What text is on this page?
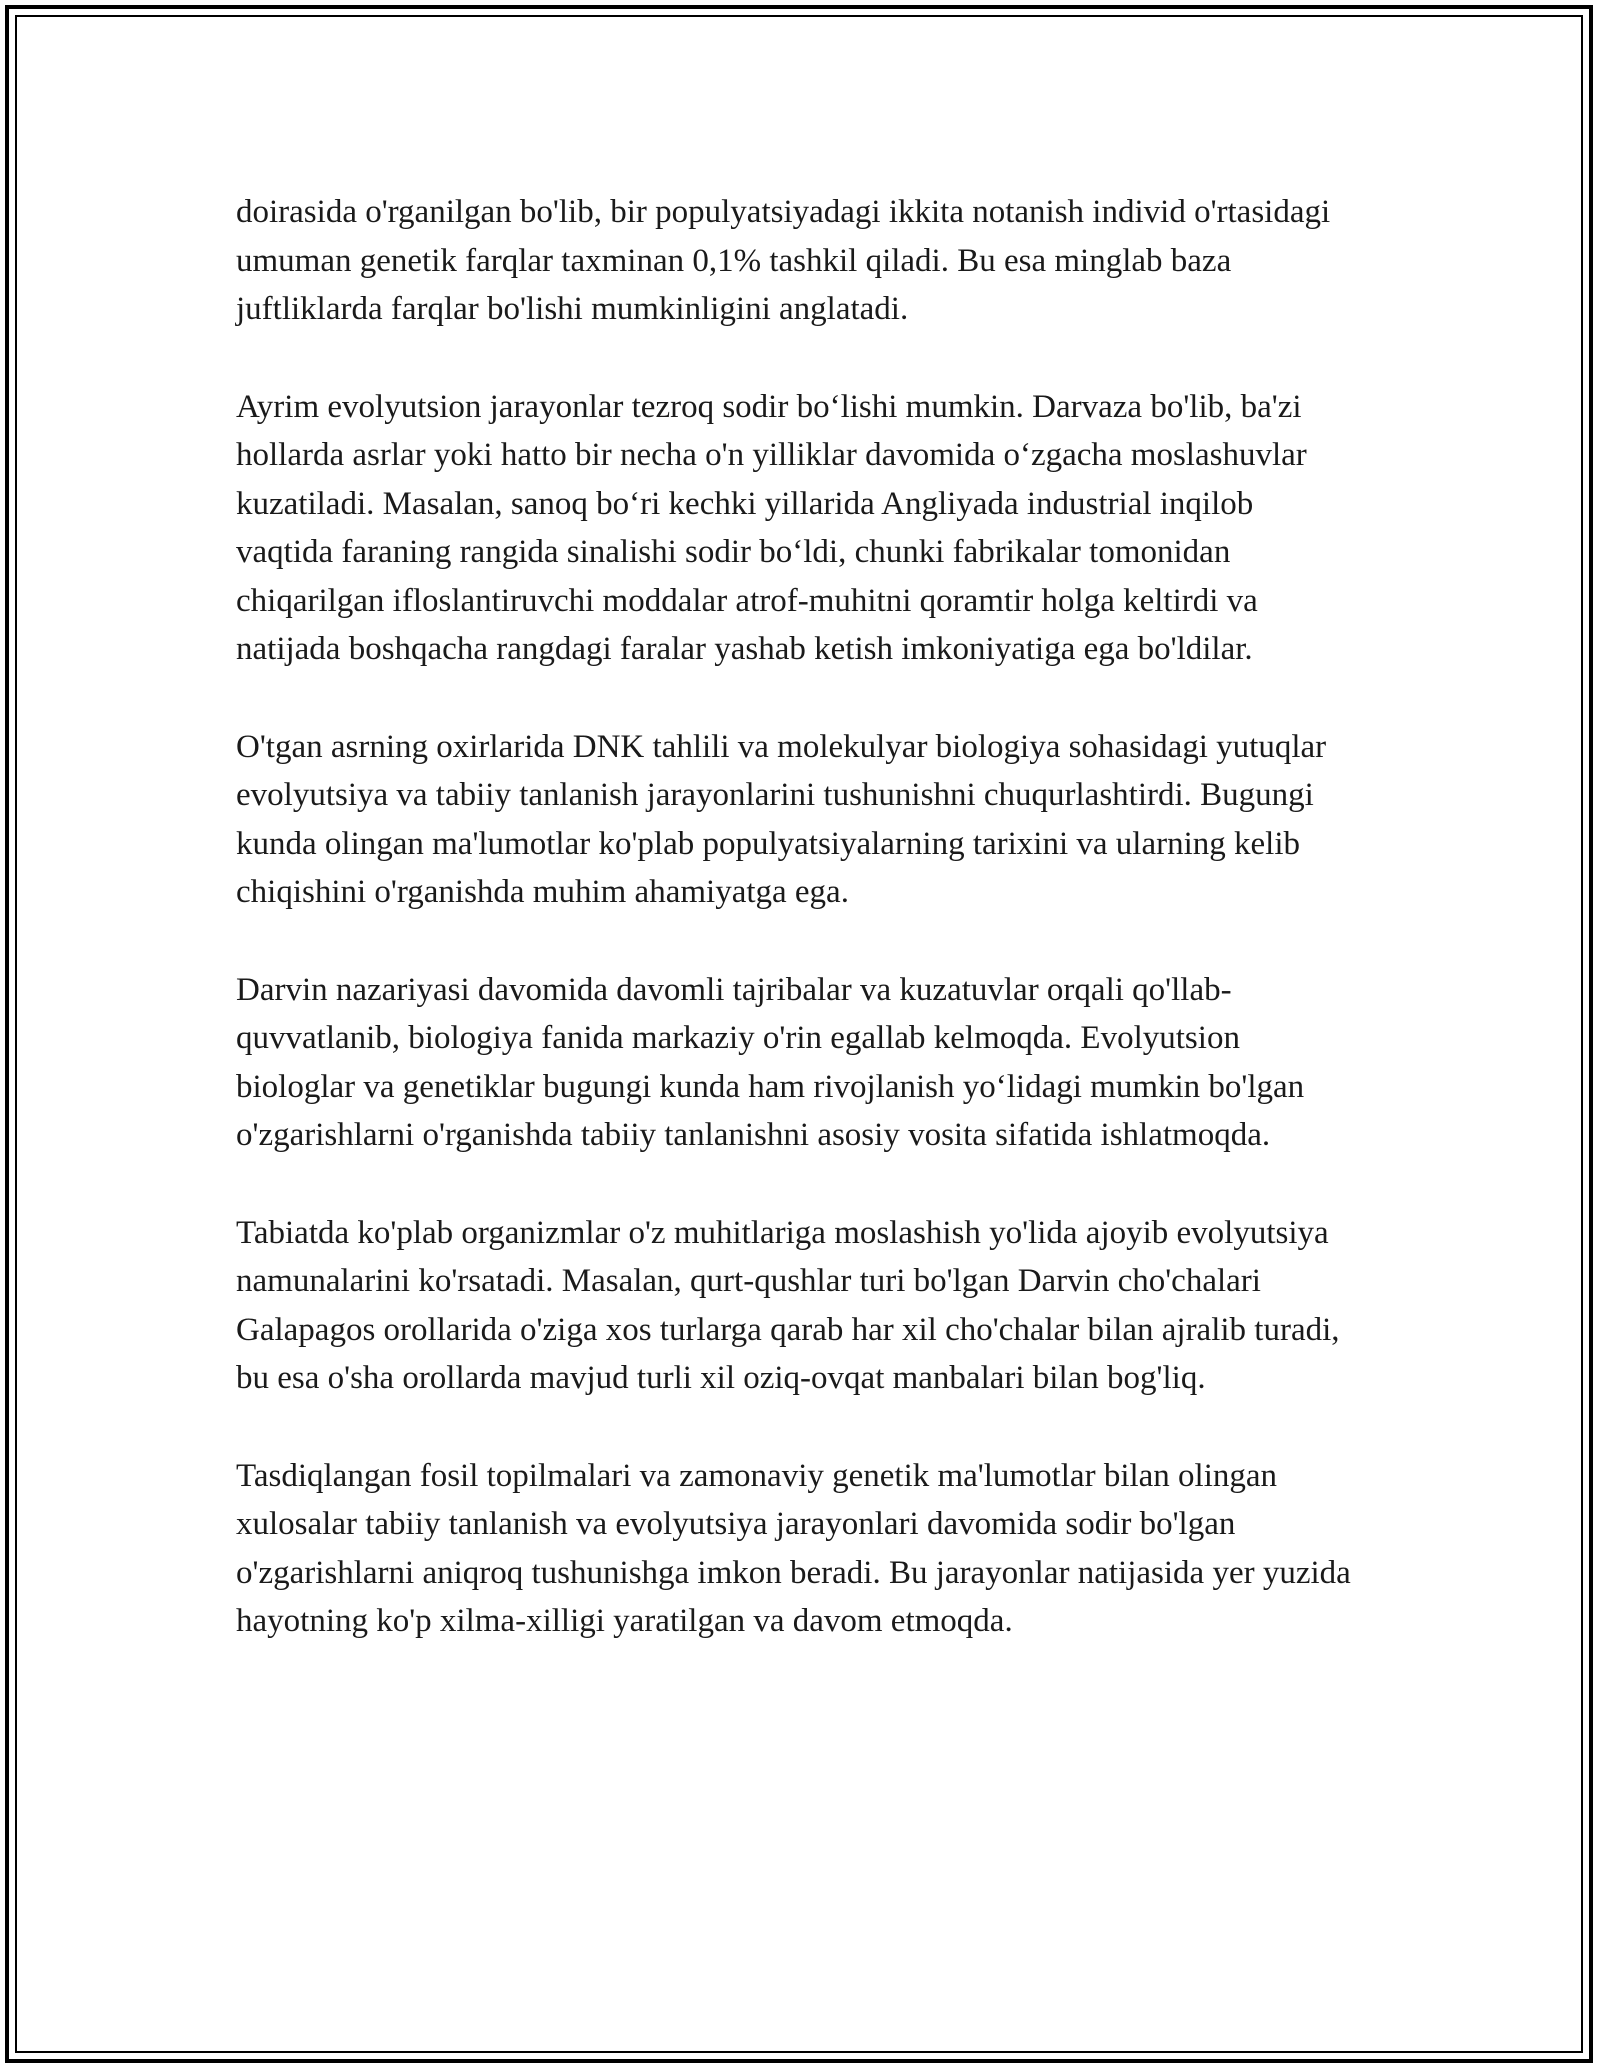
doirasida o'rganilgan bo'lib, bir populyatsiyadagi ikkita notanish individ o'rtasidagi umuman genetik farqlar taxminan 0,1% tashkil qiladi. Bu esa minglab baza juftliklarda farqlar bo'lishi mumkinligini anglatadi.

Ayrim evolyutsion jarayonlar tezroq sodir bo‘lishi mumkin. Darvaza bo'lib, ba'zi hollarda asrlar yoki hatto bir necha o'n yilliklar davomida o‘zgacha moslashuvlar kuzatiladi. Masalan, sanoq bo‘ri kechki yillarida Angliyada industrial inqilob vaqtida faraning rangida sinalishi sodir bo‘ldi, chunki fabrikalar tomonidan chiqarilgan ifloslantiruvchi moddalar atrof-muhitni qoramtir holga keltirdi va natijada boshqacha rangdagi faralar yashab ketish imkoniyatiga ega bo'ldilar.

O'tgan asrning oxirlarida DNK tahlili va molekulyar biologiya sohasidagi yutuqlar evolyutsiya va tabiiy tanlanish jarayonlarini tushunishni chuqurlashtirdi. Bugungi kunda olingan ma'lumotlar ko'plab populyatsiyalarning tarixini va ularning kelib chiqishini o'rganishda muhim ahamiyatga ega.

Darvin nazariyasi davomida davomli tajribalar va kuzatuvlar orqali qo'llab-quvvatlanib, biologiya fanida markaziy o'rin egallab kelmoqda. Evolyutsion biologlar va genetiklar bugungi kunda ham rivojlanish yo‘lidagi mumkin bo'lgan o'zgarishlarni o'rganishda tabiiy tanlanishni asosiy vosita sifatida ishlatmoqda.

Tabiatda ko'plab organizmlar o'z muhitlariga moslashish yo'lida ajoyib evolyutsiya namunalarini ko'rsatadi. Masalan, qurt-qushlar turi bo'lgan Darvin cho'chalari Galapagos orollarida o'ziga xos turlarga qarab har xil cho'chalar bilan ajralib turadi, bu esa o'sha orollarda mavjud turli xil oziq-ovqat manbalari bilan bog'liq.

Tasdiqlangan fosil topilmalari va zamonaviy genetik ma'lumotlar bilan olingan xulosalar tabiiy tanlanish va evolyutsiya jarayonlari davomida sodir bo'lgan o'zgarishlarni aniqroq tushunishga imkon beradi. Bu jarayonlar natijasida yer yuzida hayotning ko'p xilma-xilligi yaratilgan va davom etmoqda.
